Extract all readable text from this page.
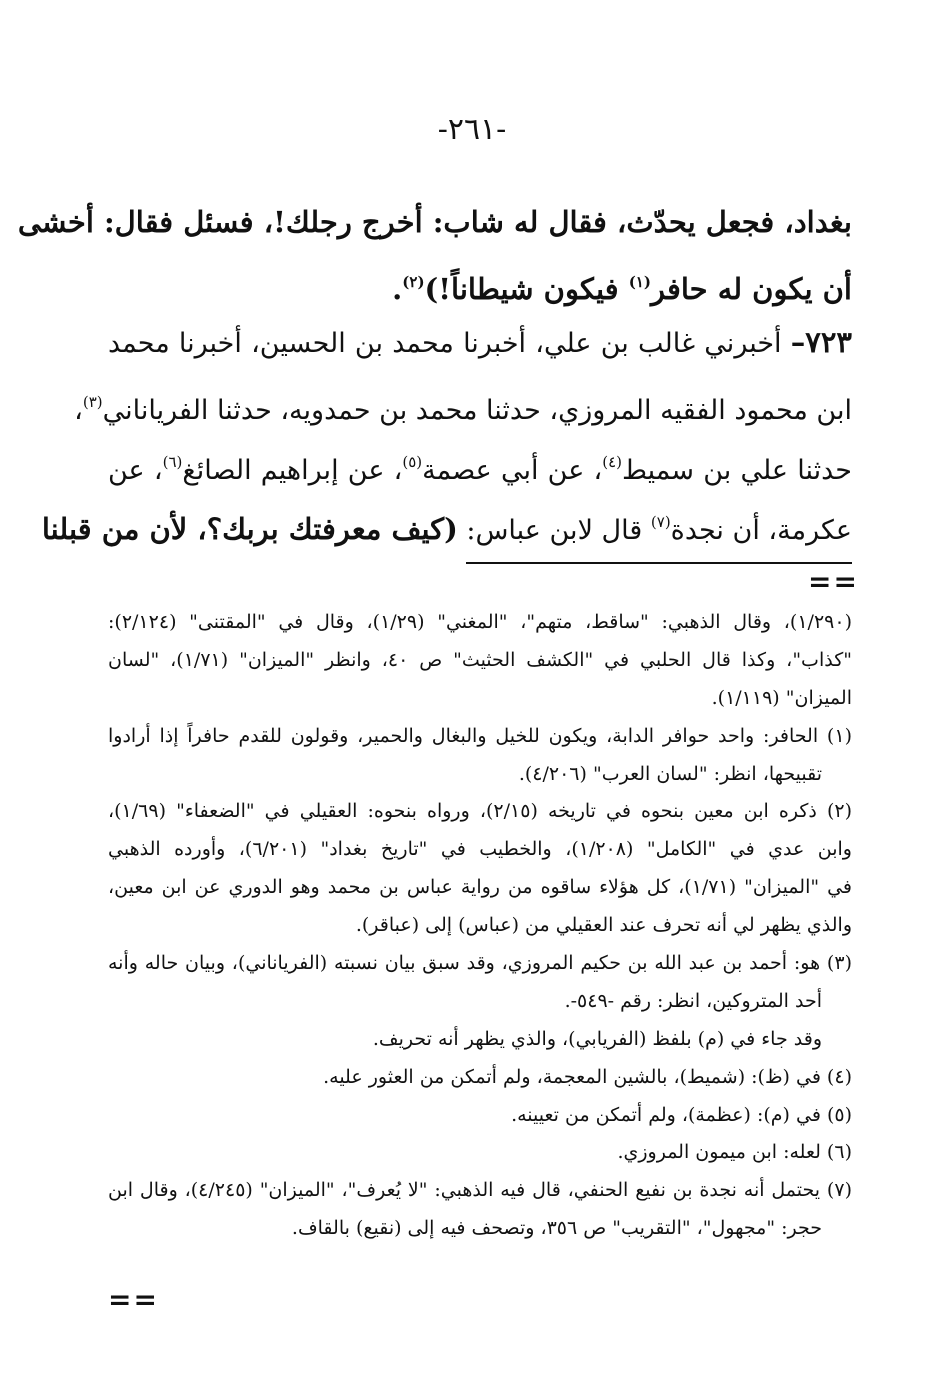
-٢٦١-
بغداد، فجعل يحدّث، فقال له شاب: أخرج رجلك!، فسئل فقال: أخشى
أن يكون له حافر$^{(١)}$ فيكون شيطاناً!)$^{(٢)}$.
٧٢٣– أخبرني غالب بن علي، أخبرنا محمد بن الحسين، أخبرنا محمد
ابن محمود الفقيه المروزي، حدثنا محمد بن حمدويه، حدثنا الفرياناني$^{(٣)}$،
حدثنا علي بن سميط$^{(٤)}$، عن أبي عصمة$^{(٥)}$، عن إبراهيم الصائغ$^{(٦)}$، عن
عكرمة، أن نجدة$^{(٧)}$ قال لابن عباس: (كيف معرفتك بربك؟، لأن من قبلنا
==
(١/٢٩٠)، وقال الذهبي: "ساقط، متهم"، "المغني" (١/٢٩)، وقال في "المقتنى" (٢/١٢٤):
"كذاب"، وكذا قال الحلبي في "الكشف الحثيث" ص ٤٠، وانظر "الميزان" (١/٧١)، "لسان
الميزان" (١/١١٩).
(١) الحافر: واحد حوافر الدابة، ويكون للخيل والبغال والحمير، وقولون للقدم حافراً إذا أرادوا
تقبيحها، انظر: "لسان العرب" (٤/٢٠٦).
(٢) ذكره ابن معين بنحوه في تاريخه (٢/١٥)، ورواه بنحوه: العقيلي في "الضعفاء" (١/٦٩)،
وابن عدي في "الكامل" (١/٢٠٨)، والخطيب في "تاريخ بغداد" (٦/٢٠١)، وأورده الذهبي
في "الميزان" (١/٧١)، كل هؤلاء ساقوه من رواية عباس بن محمد وهو الدوري عن ابن معين،
والذي يظهر لي أنه تحرف عند العقيلي من (عباس) إلى (عباقر).
(٣) هو: أحمد بن عبد الله بن حكيم المروزي، وقد سبق بيان نسبته (الفرياناني)، وبيان حاله وأنه
أحد المتروكين، انظر: رقم -٥٤٩-.
وقد جاء في (م) بلفظ (الفريابي)، والذي يظهر أنه تحريف.
(٤) في (ظ): (شميط)، بالشين المعجمة، ولم أتمكن من العثور عليه.
(٥) في (م): (عظمة)، ولم أتمكن من تعيينه.
(٦) لعله: ابن ميمون المروزي.
(٧) يحتمل أنه نجدة بن نفيع الحنفي، قال فيه الذهبي: "لا يُعرف"، "الميزان" (٤/٢٤٥)، وقال ابن
حجر: "مجهول"، "التقريب" ص ٣٥٦، وتصحف فيه إلى (نقيع) بالقاف.
==
